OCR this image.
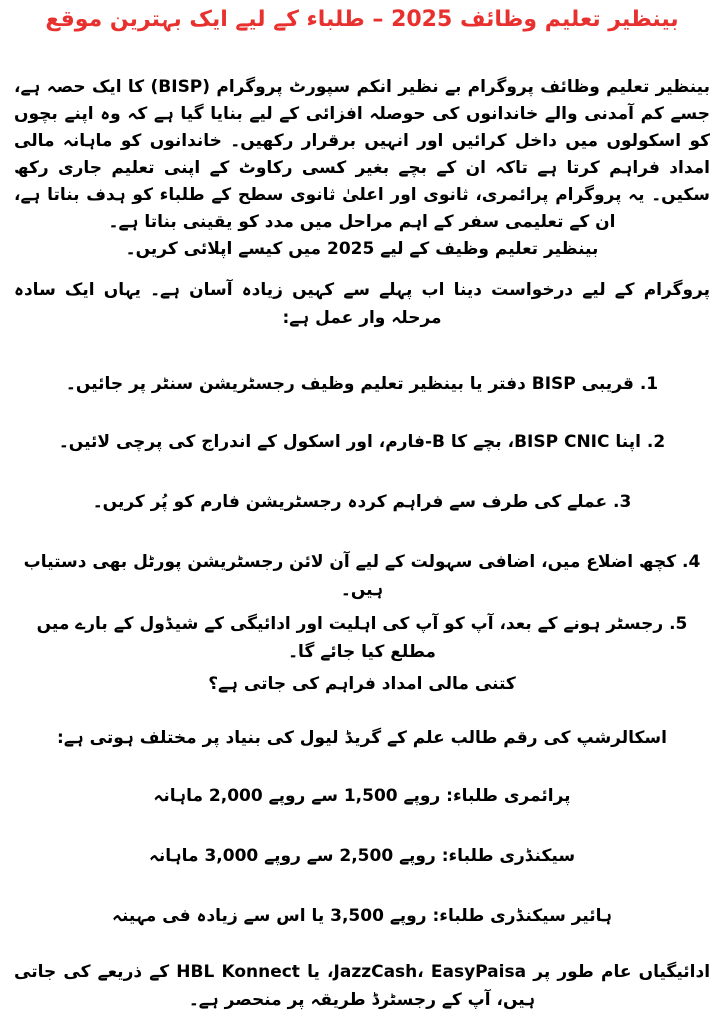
بینظیر تعلیم وظائف 2025 – طلباء کے لیے ایک بہترین موقع

بینظیر تعلیم وظائف پروگرام بے نظیر انکم سپورٹ پروگرام (BISP) کا ایک حصہ ہے، جسے کم آمدنی والے خاندانوں کی حوصلہ افزائی کے لیے بنایا گیا ہے کہ وہ اپنے بچوں کو اسکولوں میں داخل کرائیں اور انہیں برقرار رکھیں۔ خاندانوں کو ماہانہ مالی امداد فراہم کرتا ہے تاکہ ان کے بچے بغیر کسی رکاوٹ کے اپنی تعلیم جاری رکھ سکیں۔ یہ پروگرام پرائمری، ثانوی اور اعلیٰ ثانوی سطح کے طلباء کو ہدف بناتا ہے، ان کے تعلیمی سفر کے اہم مراحل میں مدد کو یقینی بناتا ہے۔

بینظیر تعلیم وظیف کے لیے 2025 میں کیسے اپلائی کریں۔

پروگرام کے لیے درخواست دینا اب پہلے سے کہیں زیادہ آسان ہے۔ یہاں ایک سادہ مرحلہ وار عمل ہے:
1. قریبی BISP دفتر یا بینظیر تعلیم وظیف رجسٹریشن سنٹر پر جائیں۔
2. اپنا BISP CNIC، بچے کا B-فارم، اور اسکول کے اندراج کی پرچی لائیں۔
3. عملے کی طرف سے فراہم کردہ رجسٹریشن فارم کو پُر کریں۔
4. کچھ اضلاع میں، اضافی سہولت کے لیے آن لائن رجسٹریشن پورٹل بھی دستیاب ہیں۔
5. رجسٹر ہونے کے بعد، آپ کو آپ کی اہلیت اور ادائیگی کے شیڈول کے بارے میں مطلع کیا جائے گا۔
کتنی مالی امداد فراہم کی جاتی ہے؟
اسکالرشپ کی رقم طالب علم کے گریڈ لیول کی بنیاد پر مختلف ہوتی ہے:
پرائمری طلباء: روپے 1,500 سے روپے 2,000 ماہانہ
سیکنڈری طلباء: روپے 2,500 سے روپے 3,000 ماہانہ
ہائیر سیکنڈری طلباء: روپے 3,500 یا اس سے زیادہ فی مہینہ
ادائیگیاں عام طور پر JazzCash، EasyPaisa، یا HBL Konnect کے ذریعے کی جاتی ہیں، آپ کے رجسٹرڈ طریقہ پر منحصر ہے۔
